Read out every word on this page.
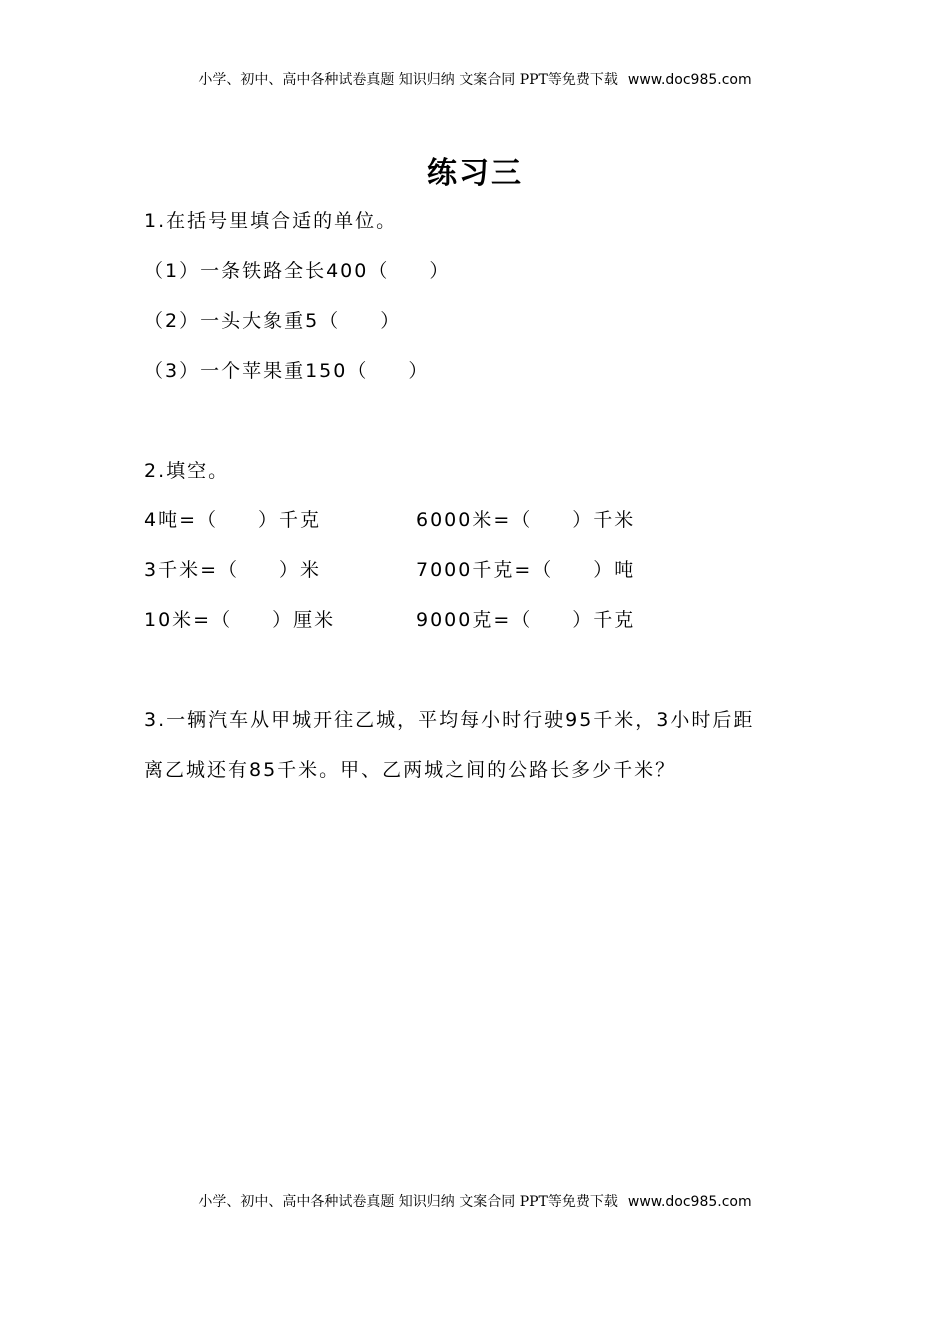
小学、初中、高中各种试卷真题 知识归纳 文案合同 PPT等免费下载 www.doc985.com
练习三
1.在括号里填合适的单位。
（1）一条铁路全长400（ ）
（2）一头大象重5（ ）
（3）一个苹果重150（ ）
2.填空。
4吨=（ ）千克	6000米=（ ）千米
3千米=（ ）米	7000千克=（ ）吨
10米=（ ）厘米	9000克=（ ）千克
3.一辆汽车从甲城开往乙城，平均每小时行驶95千米，3小时后距
离乙城还有85千米。甲、乙两城之间的公路长多少千米？
小学、初中、高中各种试卷真题 知识归纳 文案合同 PPT等免费下载 www.doc985.com
